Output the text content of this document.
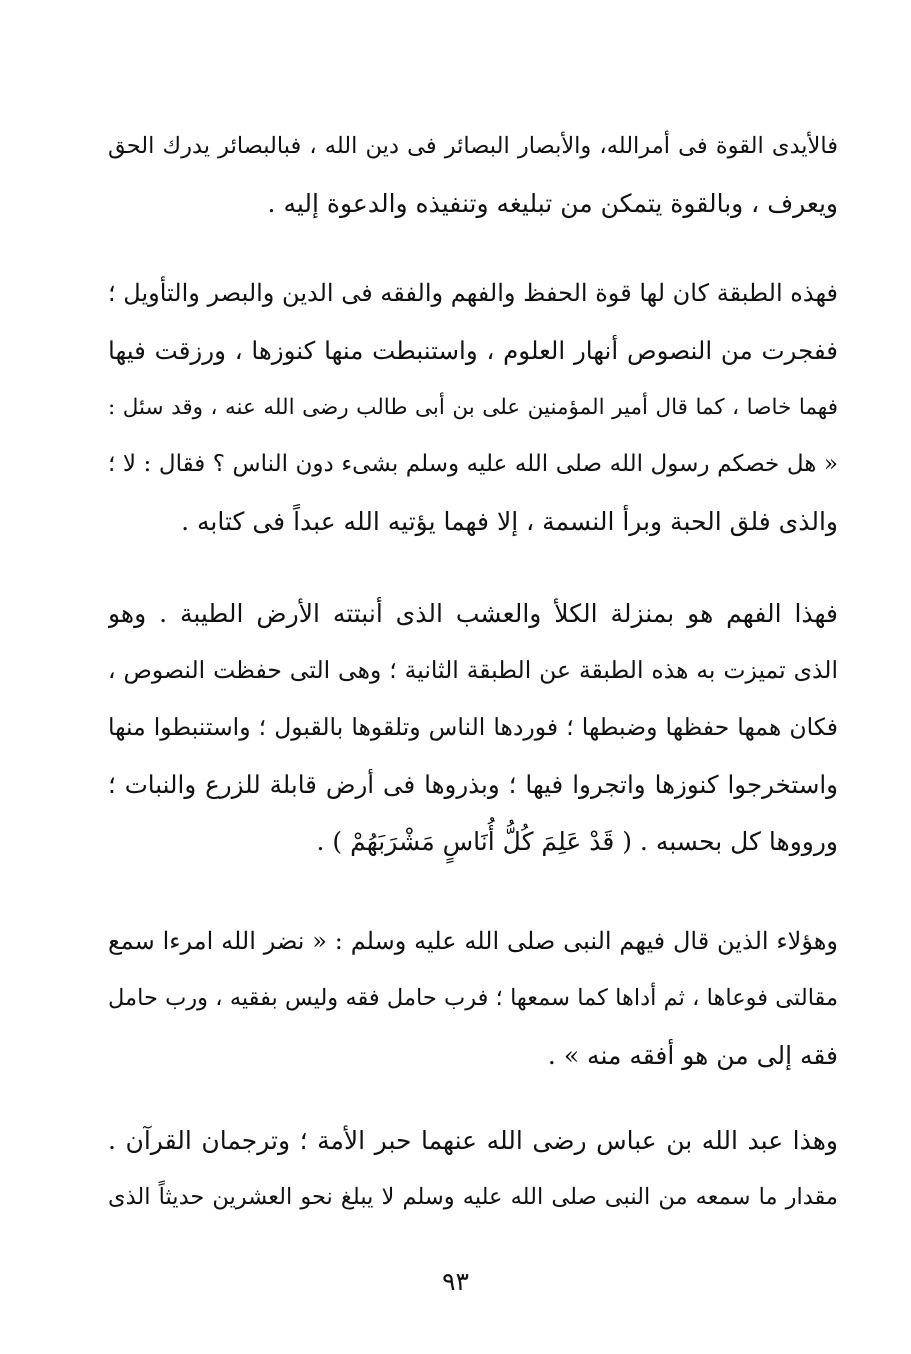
فالأيدى القوة فى أمرالله، والأبصار البصائر فى دين الله ، فبالبصائر يدرك الحق
ويعرف ، وبالقوة يتمكن من تبليغه وتنفيذه والدعوة إليه .
فهذه الطبقة كان لها قوة الحفظ والفهم والفقه فى الدين والبصر والتأويل ؛
ففجرت من النصوص أنهار العلوم ، واستنبطت منها كنوزها ، ورزقت فيها
فهما خاصا ، كما قال أمير المؤمنين على بن أبى طالب رضى الله عنه ، وقد سئل :
« هل خصكم رسول الله صلى الله عليه وسلم بشىء دون الناس ؟ فقال : لا ؛
والذى فلق الحبة وبرأ النسمة ، إلا فهما يؤتيه الله عبداً فى كتابه .
فهذا الفهم هو بمنزلة الكلأ والعشب الذى أنبتته الأرض الطيبة . وهو
الذى تميزت به هذه الطبقة عن الطبقة الثانية ؛ وهى التى حفظت النصوص ،
فكان همها حفظها وضبطها ؛ فوردها الناس وتلقوها بالقبول ؛ واستنبطوا منها
واستخرجوا كنوزها واتجروا فيها ؛ وبذروها فى أرض قابلة للزرع والنبات ؛
ورووها كل بحسبه . ( قَدْ عَلِمَ كُلُّ أُنَاسٍ مَشْرَبَهُمْ ) .
وهؤلاء الذين قال فيهم النبى صلى الله عليه وسلم : « نضر الله امرءا سمع
مقالتى فوعاها ، ثم أداها كما سمعها ؛ فرب حامل فقه وليس بفقيه ، ورب حامل
فقه إلى من هو أفقه منه » .
وهذا عبد الله بن عباس رضى الله عنهما حبر الأمة ؛ وترجمان القرآن .
مقدار ما سمعه من النبى صلى الله عليه وسلم لا يبلغ نحو العشرين حديثاً الذى
٩٣
